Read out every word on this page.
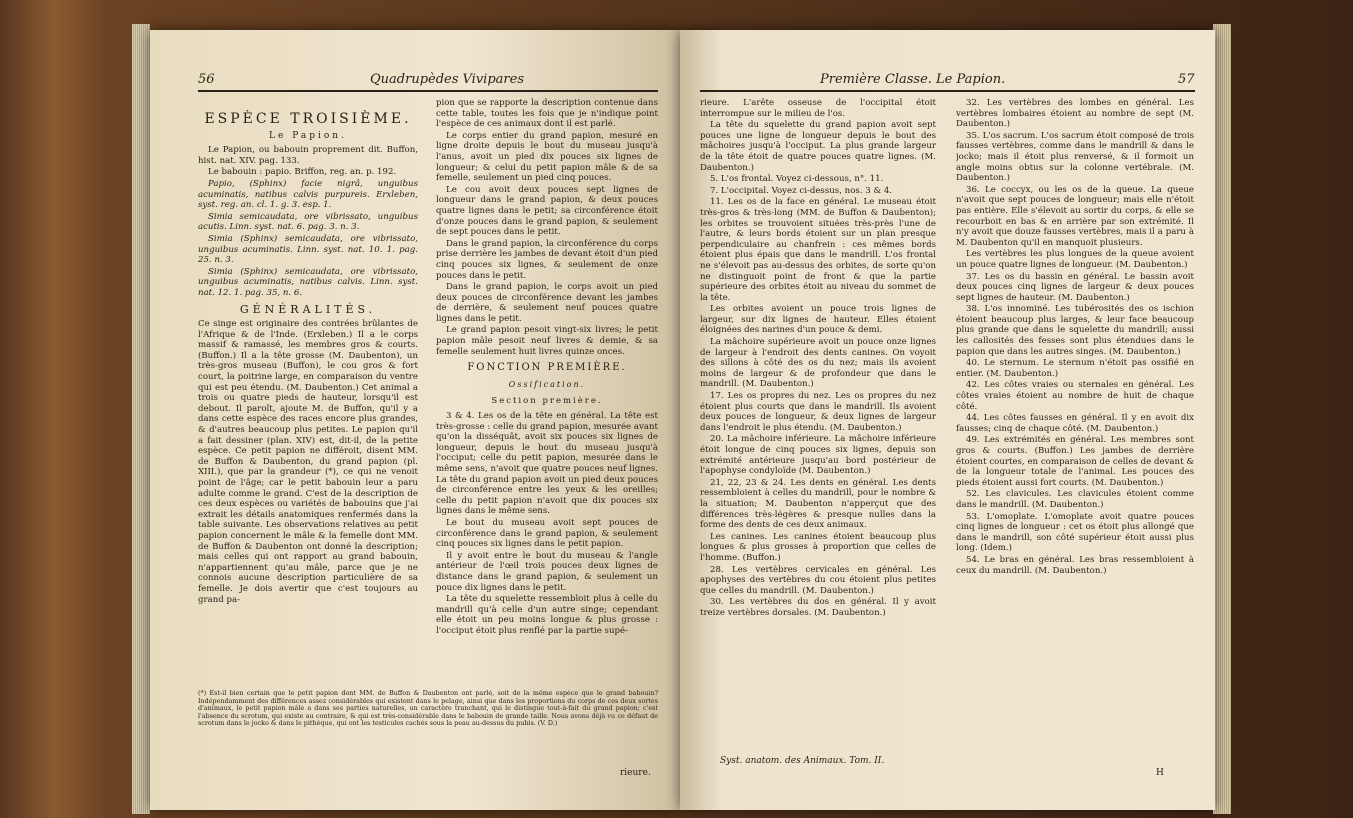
56	Quadrupèdes Vivipares
ESPÈCE TROISIÈME.
Le Papion.

Le Papion, ou babouin proprement dit. Buffon, hist. nat. XIV. pag. 133.

Le babouin : papio. Briffon, reg. an. p. 192.

Papio, (Sphinx) facie nigrâ, unguibus acuminatis, natibus calvis purpureis. Erxleben, syst. reg. an. cl. 1. g. 3. esp. 1.

Simia semicaudata, ore vibrissato, unguibus acutis. Linn. syst. nat. 6. pag. 3. n. 3.

Simia (Sphinx) semicaudata, ore vibrissato, unguibus acuminatis. Linn. syst. nat. 10. 1. pag. 25. n. 3.

Simia (Sphinx) semicaudata, ore vibrissato, unguibus acuminatis, natibus calvis. Linn. syst. nat. 12. 1. pag. 35, n. 6.

GÉNÉRALITÉS.

Ce singe est originaire des contrées brûlantes de l'Afrique & de l'Inde. (Erxleben.) Il a le corps massif & ramassé, les membres gros & courts. (Buffon.) Il a la tête grosse (M. Daubenton), un très-gros museau (Buffon), le cou gros & fort court, la poitrine large, en comparaison du ventre qui est peu étendu. (M. Daubenton.) Cet animal a trois ou quatre pieds de hauteur, lorsqu'il est debout. Il paroît, ajoute M. de Buffon, qu'il y a dans cette espèce des races encore plus grandes, & d'autres beaucoup plus petites. Le papion qu'il a fait dessiner (plan. XIV) est, dit-il, de la petite espèce. Ce petit papion ne différoit, disent MM. de Buffon & Daubenton, du grand papion (pl. XIII.), que par la grandeur (*), ce qui ne venoit point de l'âge; car le petit babouin leur a paru adulte comme le grand. C'est de la description de ces deux espèces ou variétés de babouins que j'ai extrait les détails anatomiques renfermés dans la table suivante. Les observations relatives au petit papion concernent le mâle & la femelle dont MM. de Buffon & Daubenton ont donné la description; mais celles qui ont rapport au grand babouin, n'appartiennent qu'au mâle, parce que je ne connois aucune description particulière de sa femelle. Je dois avertir que c'est toujours au grand pa-

pion que se rapporte la description contenue dans cette table, toutes les fois que je n'indique point l'espèce de ces animaux dont il est parlé.

Le corps entier du grand papion, mesuré en ligne droite depuis le bout du museau jusqu'à l'anus, avoit un pied dix pouces six lignes de longueur; & celui du petit papion mâle & de sa femelle, seulement un pied cinq pouces.

Le cou avoit deux pouces sept lignes de longueur dans le grand papion, & deux pouces quatre lignes dans le petit; sa circonférence étoit d'onze pouces dans le grand papion, & seulement de sept pouces dans le petit.

Dans le grand papion, la circonférence du corps prise derrière les jambes de devant étoit d'un pied cinq pouces six lignes, & seulement de onze pouces dans le petit.

Dans le grand papion, le corps avoit un pied deux pouces de circonférence devant les jambes de derrière, & seulement neuf pouces quatre lignes dans le petit.

Le grand papion pesoit vingt-six livres; le petit papion mâle pesoit neuf livres & demie, & sa femelle seulement huit livres quinze onces.

FONCTION PREMIÈRE.
Ossification.
Section première.

3 & 4. Les os de la tête en général. La tête est très-grosse : celle du grand papion, mesurée avant qu'on la disséquât, avoit six pouces six lignes de longueur, depuis le bout du museau jusqu'à l'occiput; celle du petit papion, mesurée dans le même sens, n'avoit que quatre pouces neuf lignes. La tête du grand papion avoit un pied deux pouces de circonférence entre les yeux & les oreilles; celle du petit papion n'avoit que dix pouces six lignes dans le même sens.

Le bout du museau avoit sept pouces de circonférence dans le grand papion, & seulement cinq pouces six lignes dans le petit papion.

Il y avoit entre le bout du museau & l'angle antérieur de l'œil trois pouces deux lignes de distance dans le grand papion, & seulement un pouce dix lignes dans le petit.

La tête du squelette ressembloit plus à celle du mandrill qu'à celle d'un autre singe; cependant elle étoit un peu moins longue & plus grosse : l'occiput étoit plus renflé par la partie supé-

(*) Est-il bien certain que le petit papion dont MM. de Buffon & Daubenton ont parlé, soit de la même espèce que le grand babouin? Indépendamment des différences assez considérables qui existent dans le pelage, ainsi que dans les proportions du corps de ces deux sortes d'animaux, le petit papion mâle a dans ses parties naturelles, un caractère tranchant, qui le distingue tout-à-fait du grand papion; c'est l'absence du scrotum, qui existe au contraire, & qui est très-considérable dans le babouin de grande taille. Nous avons déjà vu ce défaut de scrotum dans le jocko & dans le pithèque, qui ont les testicules cachés sous la peau au-dessus du pubis. (V. D.)
rieure.
Première Classe. Le Papion.	57

rieure. L'arête osseuse de l'occipital étoit interrompue sur le milieu de l'os.

La tête du squelette du grand papion avoit sept pouces une ligne de longueur depuis le bout des mâchoires jusqu'à l'occiput. La plus grande largeur de la tête étoit de quatre pouces quatre lignes. (M. Daubenton.)

5. L'os frontal. Voyez ci-dessous, n°. 11.

7. L'occipital. Voyez ci-dessus, nos. 3 & 4.

11. Les os de la face en général. Le museau étoit très-gros & très-long (MM. de Buffon & Daubenton); les orbites se trouvoient situées très-près l'une de l'autre, & leurs bords étoient sur un plan presque perpendiculaire au chanfrein : ces mêmes bords étoient plus épais que dans le mandrill. L'os frontal ne s'élevoit pas au-dessus des orbites, de sorte qu'on ne distinguoit point de front & que la partie supérieure des orbites étoit au niveau du sommet de la tête.

Les orbites avoient un pouce trois lignes de largeur, sur dix lignes de hauteur. Elles étoient éloignées des narines d'un pouce & demi.

La mâchoire supérieure avoit un pouce onze lignes de largeur à l'endroit des dents canines. On voyoit des sillons à côté des os du nez; mais ils avoient moins de largeur & de profondeur que dans le mandrill. (M. Daubenton.)

17. Les os propres du nez. Les os propres du nez étoient plus courts que dans le mandrill. Ils avoient deux pouces de longueur, & deux lignes de largeur dans l'endroit le plus étendu. (M. Daubenton.)

20. La mâchoire inférieure. La mâchoire inférieure étoit longue de cinq pouces six lignes, depuis son extrémité antérieure jusqu'au bord postérieur de l'apophyse condyloïde (M. Daubenton.)

21, 22, 23 & 24. Les dents en général. Les dents ressembloient à celles du mandrill, pour le nombre & la situation; M. Daubenton n'apperçut que des différences très-légères & presque nulles dans la forme des dents de ces deux animaux.

Les canines. Les canines étoient beaucoup plus longues & plus grosses à proportion que celles de l'homme. (Buffon.)

28. Les vertèbres cervicales en général. Les apophyses des vertèbres du cou étoient plus petites que celles du mandrill. (M. Daubenton.)

30. Les vertèbres du dos en général. Il y avoit treize vertèbres dorsales. (M. Daubenton.)

Syst. anatom. des Animaux. Tom. II.

32. Les vertèbres des lombes en général. Les vertèbres lombaires étoient au nombre de sept (M. Daubenton.)

35. L'os sacrum. L'os sacrum étoit composé de trois fausses vertèbres, comme dans le mandrill & dans le jocko; mais il étoit plus renversé, & il formoit un angle moins obtus sur la colonne vertébrale. (M. Daubenton.)

36. Le coccyx, ou les os de la queue. La queue n'avoit que sept pouces de longueur; mais elle n'étoit pas entière. Elle s'élevoit au sortir du corps, & elle se recourboit en bas & en arrière par son extrémité. Il n'y avoit que douze fausses vertèbres, mais il a paru à M. Daubenton qu'il en manquoit plusieurs.

Les vertèbres les plus longues de la queue avoient un pouce quatre lignes de longueur. (M. Daubenton.)

37. Les os du bassin en général. Le bassin avoit deux pouces cinq lignes de largeur & deux pouces sept lignes de hauteur. (M. Daubenton.)

38. L'os innominé. Les tubérosités des os ischion étoient beaucoup plus larges, & leur face beaucoup plus grande que dans le squelette du mandrill; aussi les callosités des fesses sont plus étendues dans le papion que dans les autres singes. (M. Daubenton.)

40. Le sternum. Le sternum n'étoit pas ossifié en entier. (M. Daubenton.)

42. Les côtes vraies ou sternales en général. Les côtes vraies étoient au nombre de huit de chaque côté.

44. Les côtes fausses en général. Il y en avoit dix fausses; cinq de chaque côté. (M. Daubenton.)

49. Les extrémités en général. Les membres sont gros & courts. (Buffon.) Les jambes de derrière étoient courtes, en comparaison de celles de devant & de la longueur totale de l'animal. Les pouces des pieds étoient aussi fort courts. (M. Daubenton.)

52. Les clavicules. Les clavicules étoient comme dans le mandrill. (M. Daubenton.)

53. L'omoplate. L'omoplate avoit quatre pouces cinq lignes de longueur : cet os étoit plus allongé que dans le mandrill, son côté supérieur étoit aussi plus long. (Idem.)

54. Le bras en général. Les bras ressembloient à ceux du mandrill. (M. Daubenton.)

H
